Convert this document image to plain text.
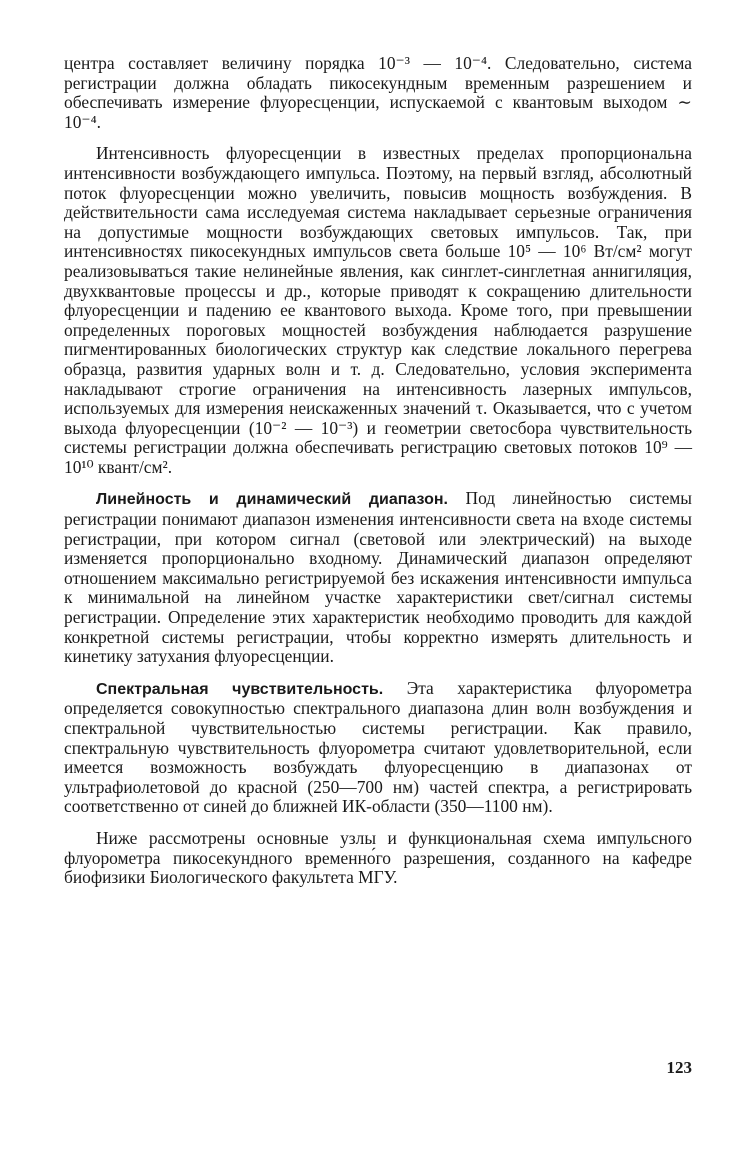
центра составляет величину порядка 10⁻³ — 10⁻⁴. Следовательно, система регистрации должна обладать пикосекундным временным разрешением и обеспечивать измерение флуоресценции, испускаемой с квантовым выходом ∼ 10⁻⁴.

Интенсивность флуоресценции в известных пределах пропорциональна интенсивности возбуждающего импульса. Поэтому, на первый взгляд, абсолютный поток флуоресценции можно увеличить, повысив мощность возбуждения. В действительности сама исследуемая система накладывает серьезные ограничения на допустимые мощности возбуждающих световых импульсов. Так, при интенсивностях пикосекундных импульсов света больше 10⁵ — 10⁶ Вт/см² могут реализовываться такие нелинейные явления, как синглет-синглетная аннигиляция, двухквантовые процессы и др., которые приводят к сокращению длительности флуоресценции и падению ее квантового выхода. Кроме того, при превышении определенных пороговых мощностей возбуждения наблюдается разрушение пигментированных биологических структур как следствие локального перегрева образца, развития ударных волн и т. д. Следовательно, условия эксперимента накладывают строгие ограничения на интенсивность лазерных импульсов, используемых для измерения неискаженных значений τ. Оказывается, что с учетом выхода флуоресценции (10⁻² — 10⁻³) и геометрии светосбора чувствительность системы регистрации должна обеспечивать регистрацию световых потоков 10⁹ — 10¹⁰ квант/см².

Линейность и динамический диапазон. Под линейностью системы регистрации понимают диапазон изменения интенсивности света на входе системы регистрации, при котором сигнал (световой или электрический) на выходе изменяется пропорционально входному. Динамический диапазон определяют отношением максимально регистрируемой без искажения интенсивности импульса к минимальной на линейном участке характеристики свет/сигнал системы регистрации. Определение этих характеристик необходимо проводить для каждой конкретной системы регистрации, чтобы корректно измерять длительность и кинетику затухания флуоресценции.

Спектральная чувствительность. Эта характеристика флуорометра определяется совокупностью спектрального диапазона длин волн возбуждения и спектральной чувствительностью системы регистрации. Как правило, спектральную чувствительность флуорометра считают удовлетворительной, если имеется возможность возбуждать флуоресценцию в диапазонах от ультрафиолетовой до красной (250—700 нм) частей спектра, а регистрировать соответственно от синей до ближней ИК-области (350—1100 нм).

Ниже рассмотрены основные узлы и функциональная схема импульсного флуорометра пикосекундного временно́го разрешения, созданного на кафедре биофизики Биологического факультета МГУ.

123
